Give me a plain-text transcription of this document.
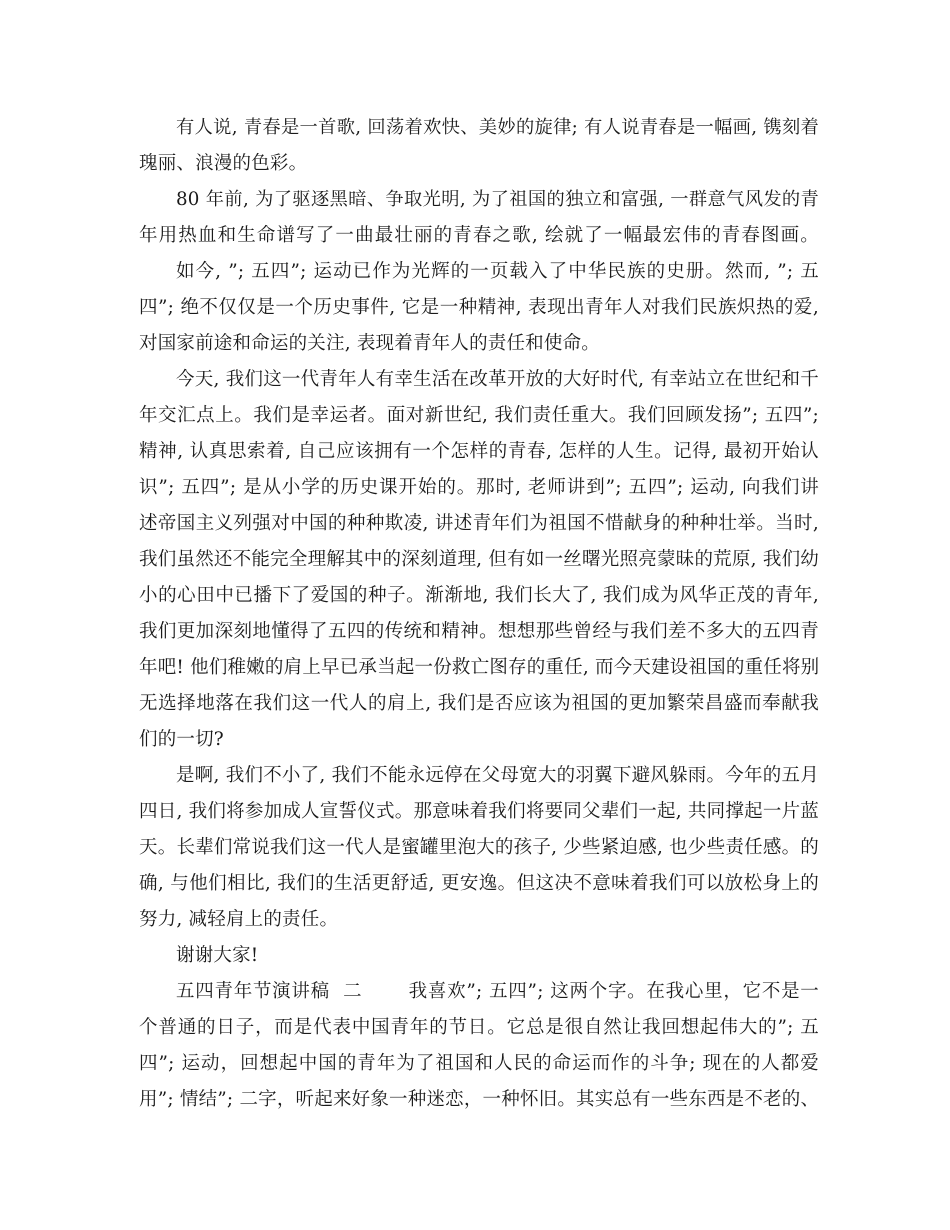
有人说, 青春是一首歌, 回荡着欢快、美妙的旋律; 有人说青春是一幅画, 镌刻着
瑰丽、浪漫的色彩。
80 年前, 为了驱逐黑暗、争取光明, 为了祖国的独立和富强, 一群意气风发的青
年用热血和生命谱写了一曲最壮丽的青春之歌, 绘就了一幅最宏伟的青春图画。
如今, ”; 五四”; 运动已作为光辉的一页载入了中华民族的史册。然而, ”; 五
四”; 绝不仅仅是一个历史事件, 它是一种精神, 表现出青年人对我们民族炽热的爱,
对国家前途和命运的关注, 表现着青年人的责任和使命。
今天, 我们这一代青年人有幸生活在改革开放的大好时代, 有幸站立在世纪和千
年交汇点上。我们是幸运者。面对新世纪, 我们责任重大。我们回顾发扬”; 五四”;
精神, 认真思索着, 自己应该拥有一个怎样的青春, 怎样的人生。记得, 最初开始认
识”; 五四”; 是从小学的历史课开始的。那时, 老师讲到”; 五四”; 运动, 向我们讲
述帝国主义列强对中国的种种欺凌, 讲述青年们为祖国不惜献身的种种壮举。当时,
我们虽然还不能完全理解其中的深刻道理, 但有如一丝曙光照亮蒙昧的荒原, 我们幼
小的心田中已播下了爱国的种子。渐渐地, 我们长大了, 我们成为风华正茂的青年,
我们更加深刻地懂得了五四的传统和精神。想想那些曾经与我们差不多大的五四青
年吧! 他们稚嫩的肩上早已承当起一份救亡图存的重任, 而今天建设祖国的重任将别
无选择地落在我们这一代人的肩上, 我们是否应该为祖国的更加繁荣昌盛而奉献我
们的一切?
是啊, 我们不小了, 我们不能永远停在父母宽大的羽翼下避风躲雨。今年的五月
四日, 我们将参加成人宣誓仪式。那意味着我们将要同父辈们一起, 共同撑起一片蓝
天。长辈们常说我们这一代人是蜜罐里泡大的孩子, 少些紧迫感, 也少些责任感。的
确, 与他们相比, 我们的生活更舒适, 更安逸。但这决不意味着我们可以放松身上的
努力, 减轻肩上的责任。
谢谢大家!
五四青年节演讲稿  二       我喜欢”; 五四”; 这两个字。在我心里，它不是一
个普通的日子，而是代表中国青年的节日。它总是很自然让我回想起伟大的”; 五
四”; 运动，回想起中国的青年为了祖国和人民的命运而作的斗争; 现在的人都爱
用”; 情结”; 二字，听起来好象一种迷恋，一种怀旧。其实总有一些东西是不老的、
